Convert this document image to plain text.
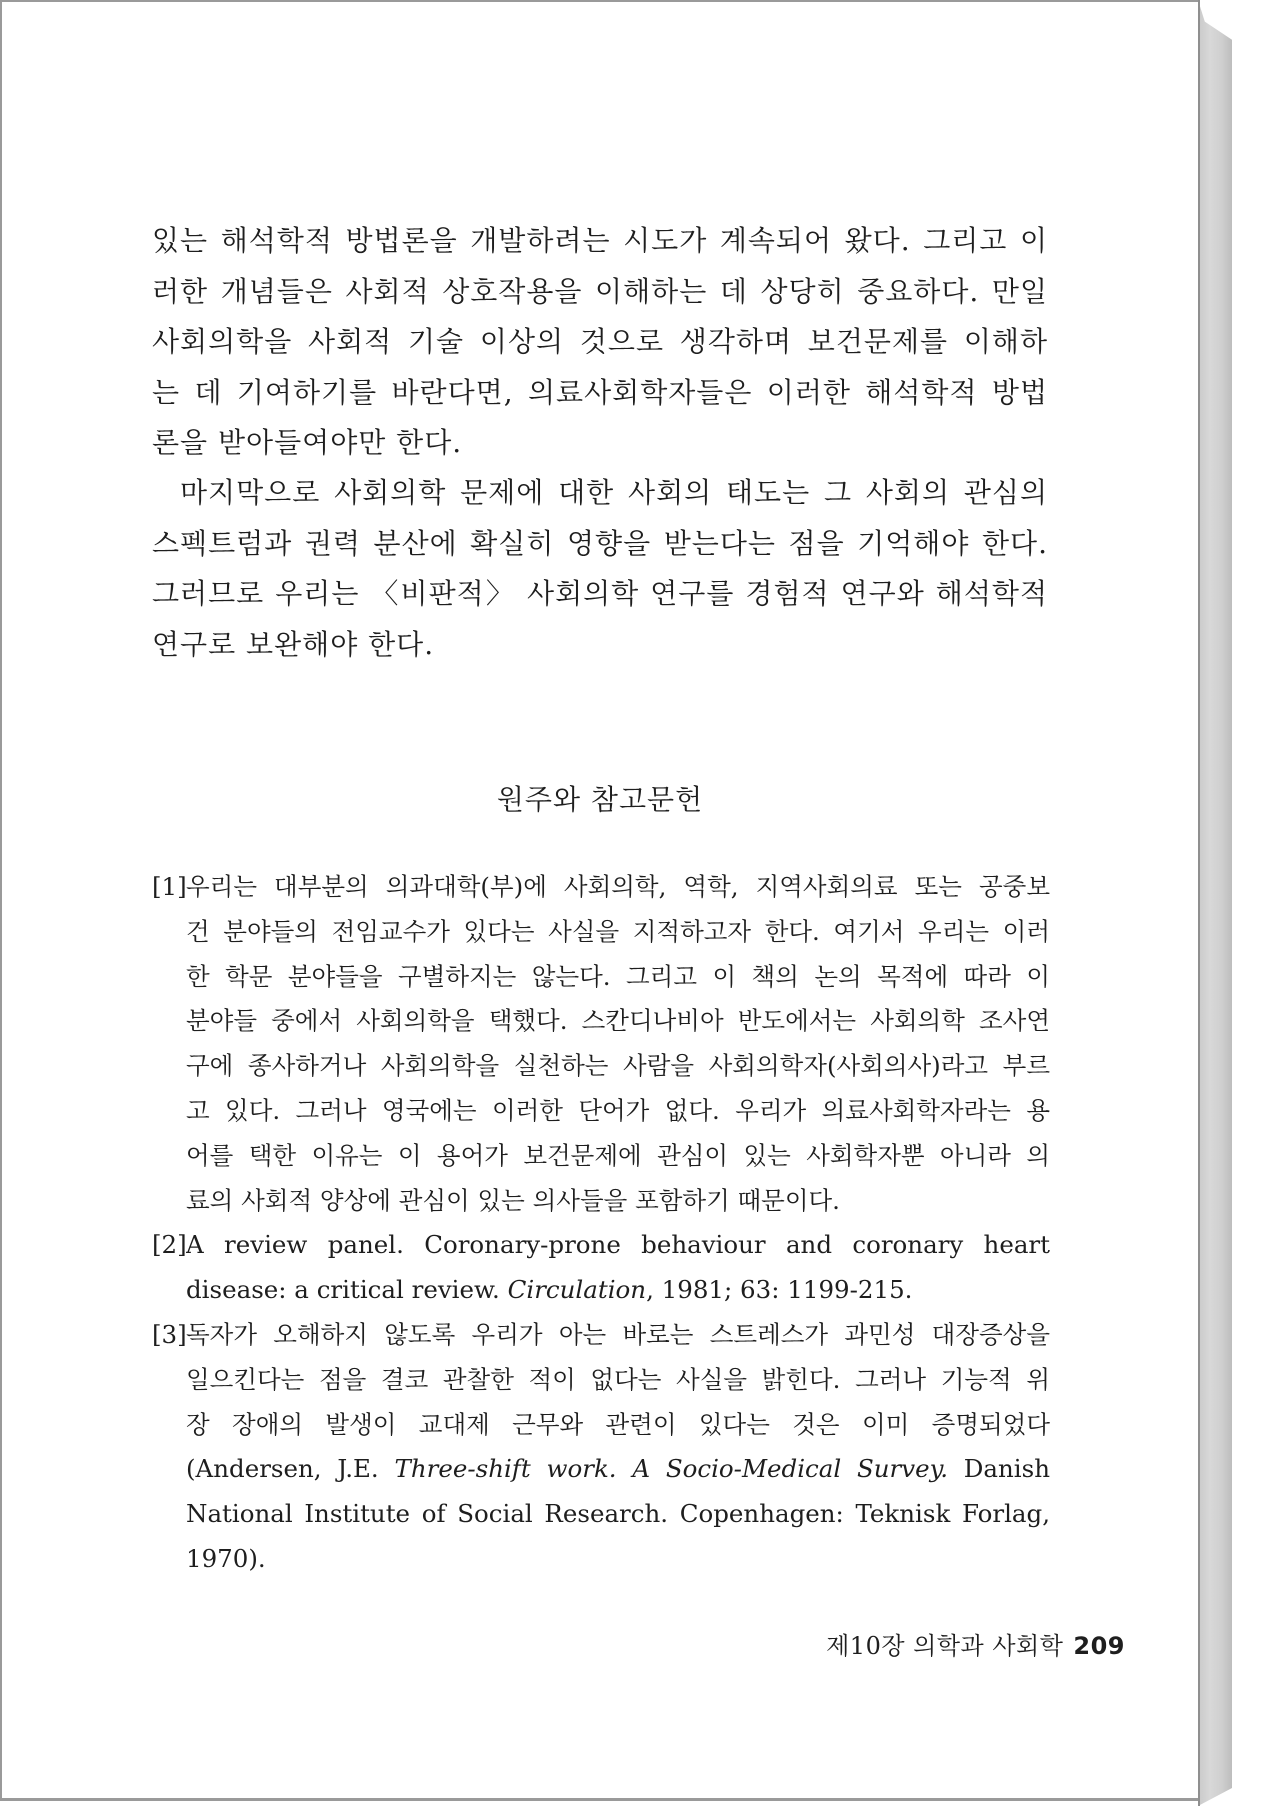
있는 해석학적 방법론을 개발하려는 시도가 계속되어 왔다. 그리고 이
러한 개념들은 사회적 상호작용을 이해하는 데 상당히 중요하다. 만일
사회의학을 사회적 기술 이상의 것으로 생각하며 보건문제를 이해하
는 데 기여하기를 바란다면, 의료사회학자들은 이러한 해석학적 방법
론을 받아들여야만 한다.
마지막으로 사회의학 문제에 대한 사회의 태도는 그 사회의 관심의
스펙트럼과 권력 분산에 확실히 영향을 받는다는 점을 기억해야 한다.
그러므로 우리는 〈비판적〉 사회의학 연구를 경험적 연구와 해석학적
연구로 보완해야 한다.
원주와 참고문헌
[1] 우리는 대부분의 의과대학(부)에 사회의학, 역학, 지역사회의료 또는 공중보
건 분야들의 전임교수가 있다는 사실을 지적하고자 한다. 여기서 우리는 이러
한 학문 분야들을 구별하지는 않는다. 그리고 이 책의 논의 목적에 따라 이
분야들 중에서 사회의학을 택했다. 스칸디나비아 반도에서는 사회의학 조사연
구에 종사하거나 사회의학을 실천하는 사람을 사회의학자(사회의사)라고 부르
고 있다. 그러나 영국에는 이러한 단어가 없다. 우리가 의료사회학자라는 용
어를 택한 이유는 이 용어가 보건문제에 관심이 있는 사회학자뿐 아니라 의
료의 사회적 양상에 관심이 있는 의사들을 포함하기 때문이다.
[2] A review panel. Coronary-prone behaviour and coronary heart
disease: a critical review. Circulation, 1981; 63: 1199-215.
[3] 독자가 오해하지 않도록 우리가 아는 바로는 스트레스가 과민성 대장증상을
일으킨다는 점을 결코 관찰한 적이 없다는 사실을 밝힌다. 그러나 기능적 위
장 장애의 발생이 교대제 근무와 관련이 있다는 것은 이미 증명되었다
(Andersen, J.E. Three-shift work. A Socio-Medical Survey. Danish
National Institute of Social Research. Copenhagen: Teknisk Forlag,
1970).
제10장 의학과 사회학 209
